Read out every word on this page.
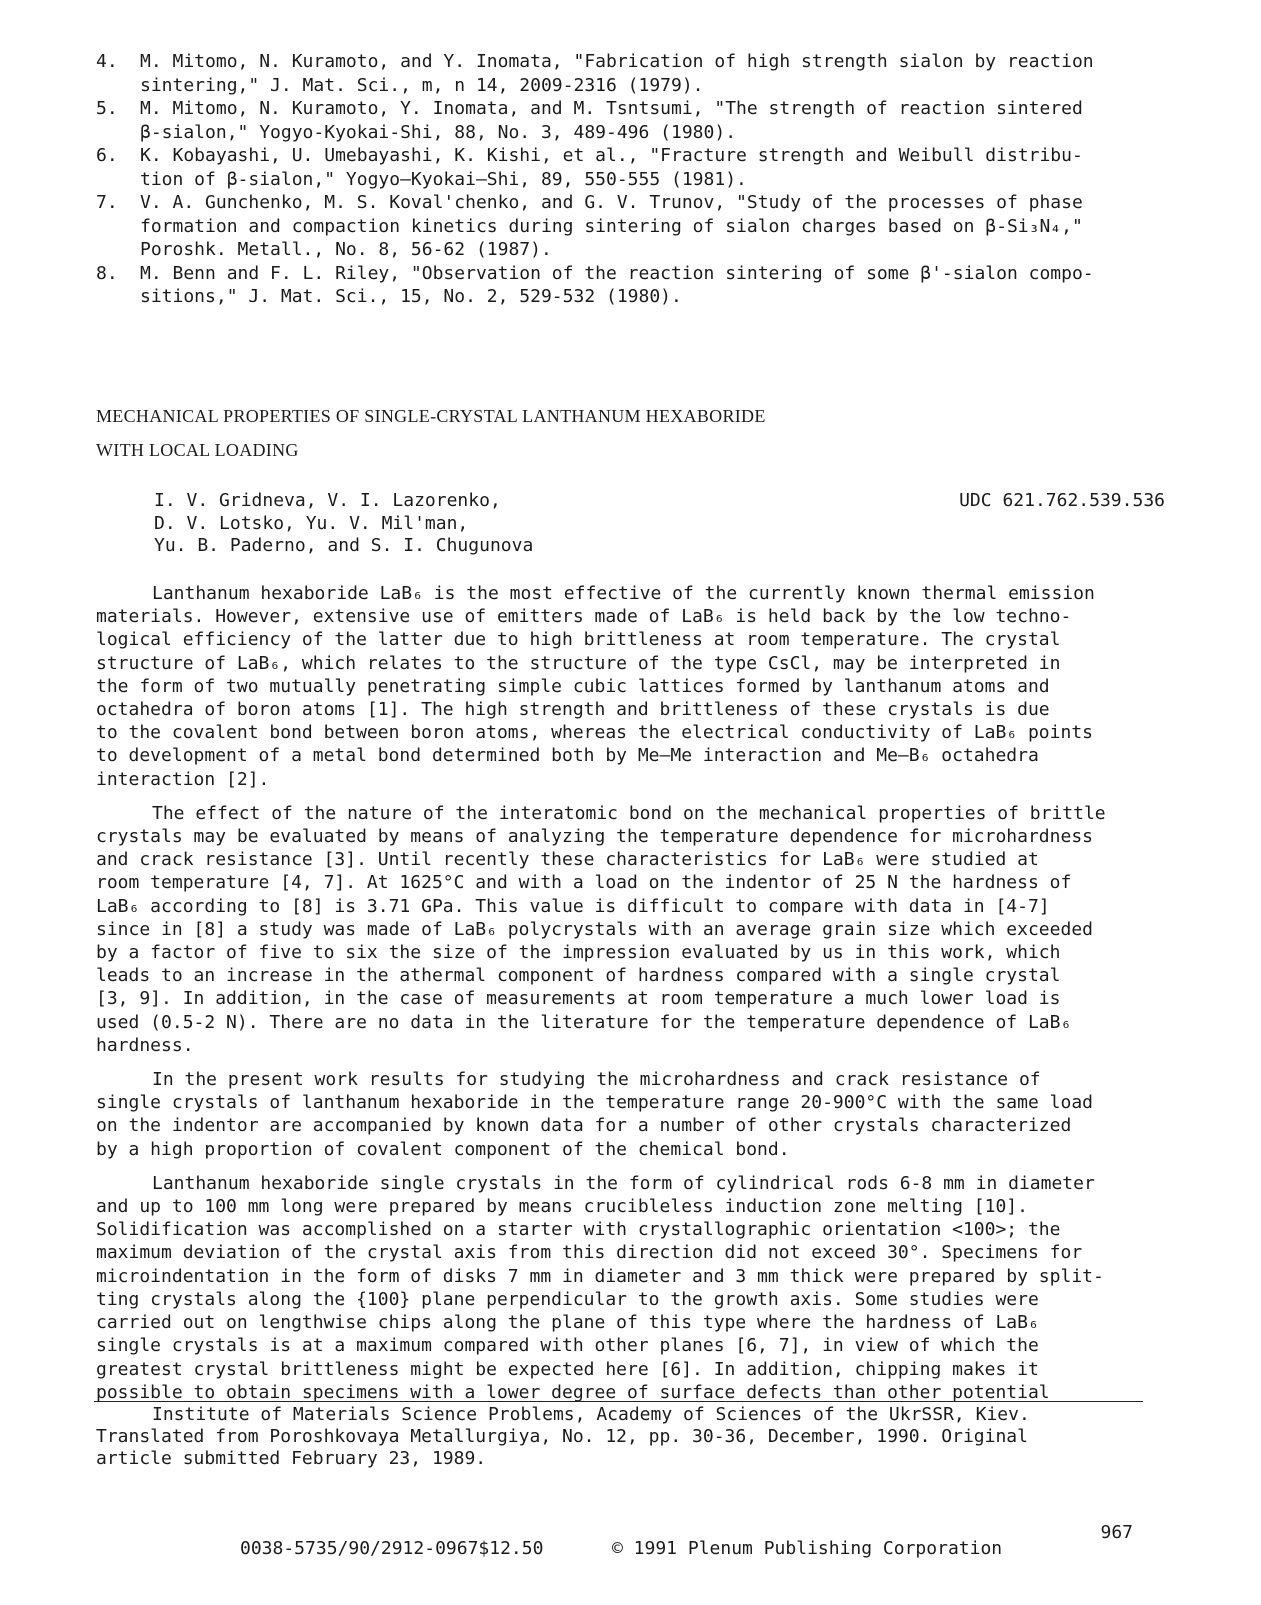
4.	M. Mitomo, N. Kuramoto, and Y. Inomata, "Fabrication of high strength sialon by reaction
sintering," J. Mat. Sci., m, n 14, 2009-2316 (1979).
5.	M. Mitomo, N. Kuramoto, Y. Inomata, and M. Tsntsumi, "The strength of reaction sintered
β-sialon," Yogyo-Kyokai-Shi, 88, No. 3, 489-496 (1980).
6.	K. Kobayashi, U. Umebayashi, K. Kishi, et al., "Fracture strength and Weibull distribu-
tion of β-sialon," Yogyo—Kyokai—Shi, 89, 550-555 (1981).
7.	V. A. Gunchenko, M. S. Koval'chenko, and G. V. Trunov, "Study of the processes of phase
formation and compaction kinetics during sintering of sialon charges based on β-Si₃N₄,"
Poroshk. Metall., No. 8, 56-62 (1987).
8.	M. Benn and F. L. Riley, "Observation of the reaction sintering of some β'-sialon compo-
sitions," J. Mat. Sci., 15, No. 2, 529-532 (1980).
MECHANICAL PROPERTIES OF SINGLE-CRYSTAL LANTHANUM HEXABORIDE
WITH LOCAL LOADING
I. V. Gridneva, V. I. Lazorenko,
D. V. Lotsko, Yu. V. Mil'man,
Yu. B. Paderno, and S. I. Chugunova
UDC 621.762.539.536
Lanthanum hexaboride LaB₆ is the most effective of the currently known thermal emission
materials. However, extensive use of emitters made of LaB₆ is held back by the low techno-
logical efficiency of the latter due to high brittleness at room temperature. The crystal
structure of LaB₆, which relates to the structure of the type CsCl, may be interpreted in
the form of two mutually penetrating simple cubic lattices formed by lanthanum atoms and
octahedra of boron atoms [1]. The high strength and brittleness of these crystals is due
to the covalent bond between boron atoms, whereas the electrical conductivity of LaB₆ points
to development of a metal bond determined both by Me—Me interaction and Me—B₆ octahedra
interaction [2].
The effect of the nature of the interatomic bond on the mechanical properties of brittle
crystals may be evaluated by means of analyzing the temperature dependence for microhardness
and crack resistance [3]. Until recently these characteristics for LaB₆ were studied at
room temperature [4, 7]. At 1625°C and with a load on the indentor of 25 N the hardness of
LaB₆ according to [8] is 3.71 GPa. This value is difficult to compare with data in [4-7]
since in [8] a study was made of LaB₆ polycrystals with an average grain size which exceeded
by a factor of five to six the size of the impression evaluated by us in this work, which
leads to an increase in the athermal component of hardness compared with a single crystal
[3, 9]. In addition, in the case of measurements at room temperature a much lower load is
used (0.5-2 N). There are no data in the literature for the temperature dependence of LaB₆
hardness.
In the present work results for studying the microhardness and crack resistance of
single crystals of lanthanum hexaboride in the temperature range 20-900°C with the same load
on the indentor are accompanied by known data for a number of other crystals characterized
by a high proportion of covalent component of the chemical bond.
Lanthanum hexaboride single crystals in the form of cylindrical rods 6-8 mm in diameter
and up to 100 mm long were prepared by means crucibleless induction zone melting [10].
Solidification was accomplished on a starter with crystallographic orientation <100>; the
maximum deviation of the crystal axis from this direction did not exceed 30°. Specimens for
microindentation in the form of disks 7 mm in diameter and 3 mm thick were prepared by split-
ting crystals along the {100} plane perpendicular to the growth axis. Some studies were
carried out on lengthwise chips along the plane of this type where the hardness of LaB₆
single crystals is at a maximum compared with other planes [6, 7], in view of which the
greatest crystal brittleness might be expected here [6]. In addition, chipping makes it
possible to obtain specimens with a lower degree of surface defects than other potential
Institute of Materials Science Problems, Academy of Sciences of the UkrSSR, Kiev.
Translated from Poroshkovaya Metallurgiya, No. 12, pp. 30-36, December, 1990. Original
article submitted February 23, 1989.
967
0038-5735/90/2912-0967$12.50	© 1991 Plenum Publishing Corporation
